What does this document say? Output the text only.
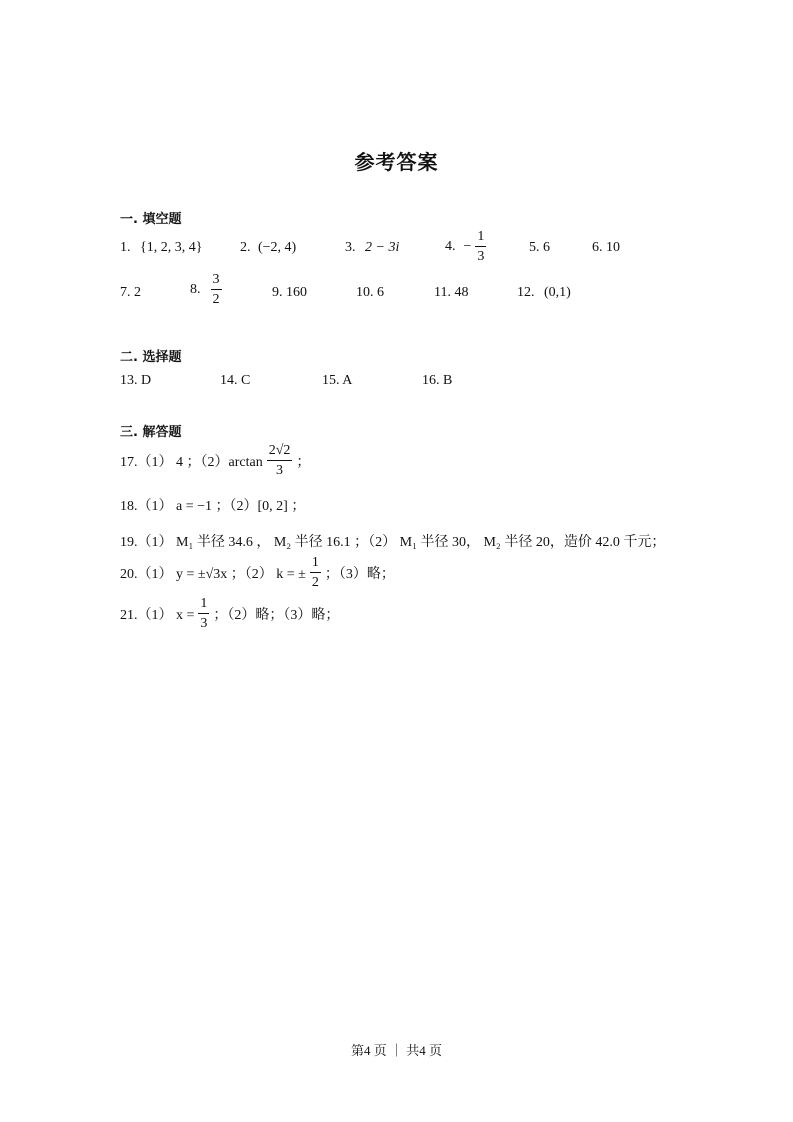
参考答案
一. 填空题
1. {1, 2, 3, 4}	2. (−2, 4)	3. 2 − 3i	4. − $\frac{1}{3}$	5. 6	6. 10
7. 2	8. $\frac{3}{2}$	9. 160	10. 6	11. 48	12. (0,1)
二. 选择题
13. D	14. C	15. A	16. B
三. 解答题
17.（1） 4 ；$(2)\arctan \frac{2√2}{3}$ ；
18.（1） a = −1 ；（2）[0, 2] ；
19.（1） M₁ 半径 34.6 ， M₂ 半径 16.1 ；（2） M₁ 半径 30， M₂ 半径 20，造价 42.0 千元；
20.（1） y = ±√3x ；（2） k = ± $\frac{1}{2}$ ；（3）略；
21.（1） $x = \frac{1}{3}$ ；（2）略；（3）略；
第4 页 ｜ 共4 页
